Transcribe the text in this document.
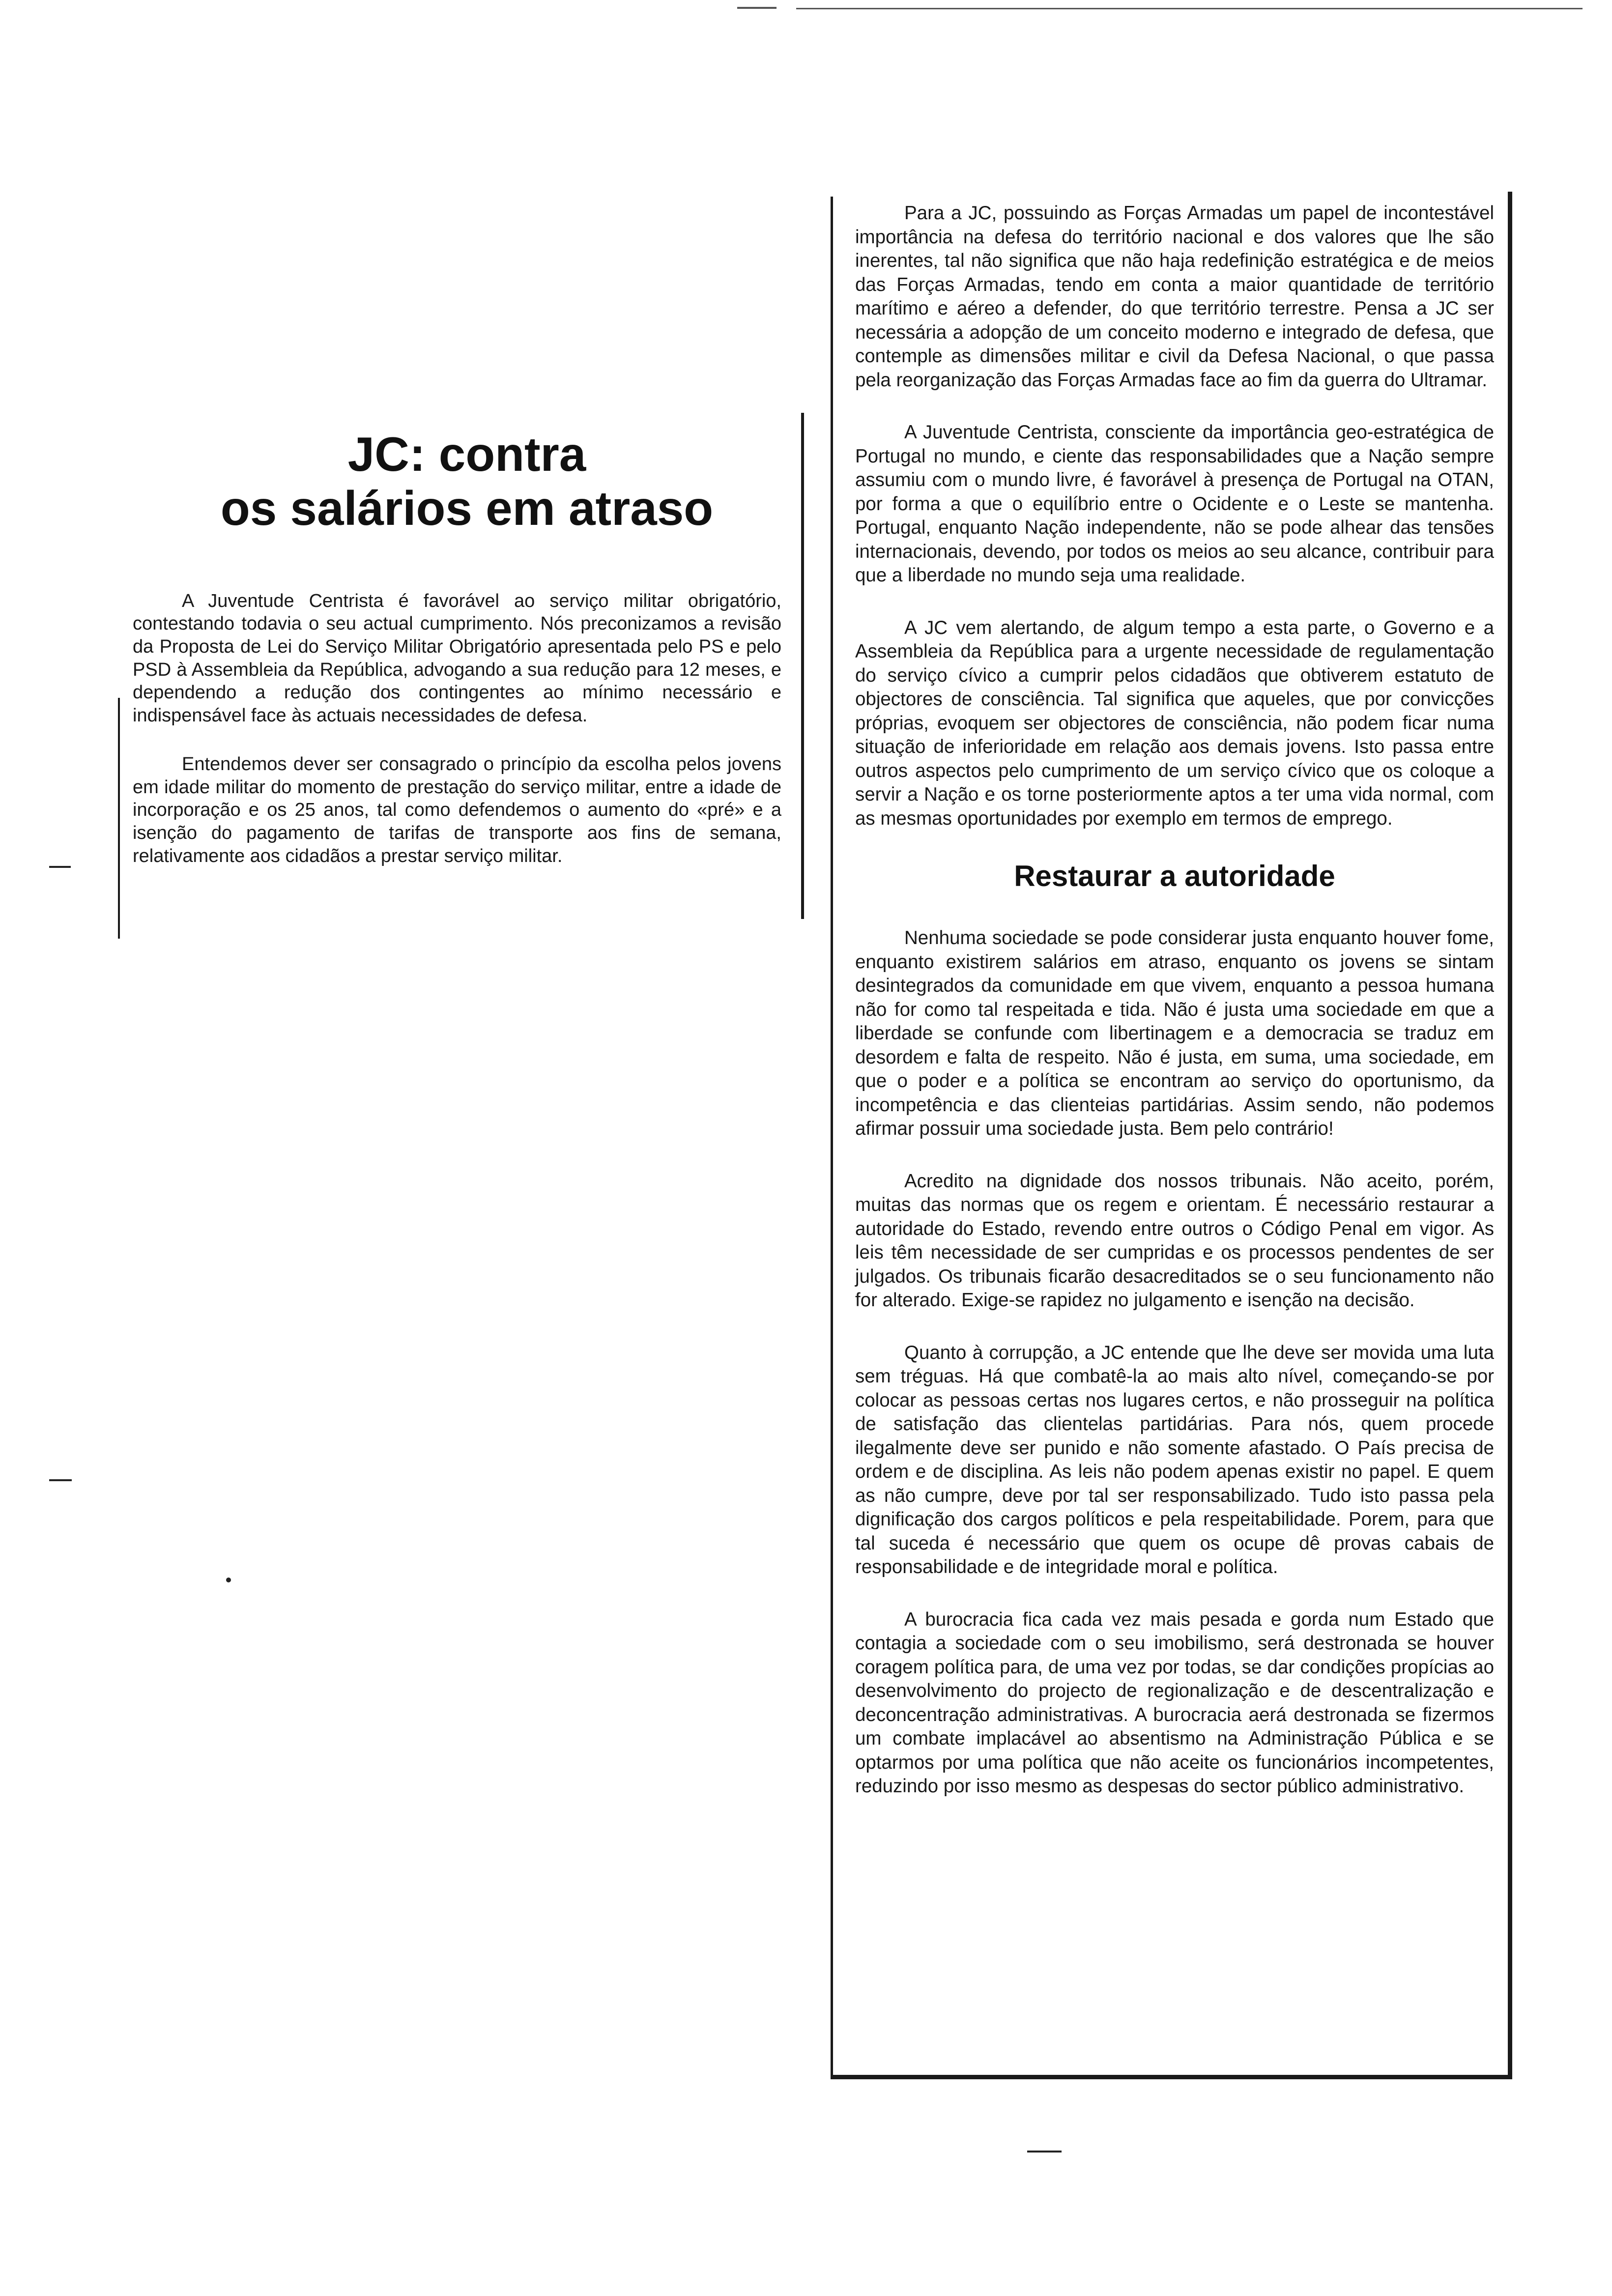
JC: contra
os salários em atraso

A Juventude Centrista é favorável ao serviço militar obrigatório, contestando todavia o seu actual cumprimento. Nós preconizamos a revisão da Proposta de Lei do Serviço Militar Obrigatório apresentada pelo PS e pelo PSD à Assembleia da República, advogando a sua redução para 12 meses, e dependendo a redução dos contingentes ao mínimo necessário e indispensável face às actuais necessidades de defesa.

Entendemos dever ser consagrado o princípio da escolha pelos jovens em idade militar do momento de prestação do serviço militar, entre a idade de incorporação e os 25 anos, tal como defendemos o aumento do «pré» e a isenção do pagamento de tarifas de transporte aos fins de semana, relativamente aos cidadãos a prestar serviço militar.

Para a JC, possuindo as Forças Armadas um papel de incontestável importância na defesa do território nacional e dos valores que lhe são inerentes, tal não significa que não haja redefinição estratégica e de meios das Forças Armadas, tendo em conta a maior quantidade de território marítimo e aéreo a defender, do que território terrestre. Pensa a JC ser necessária a adopção de um conceito moderno e integrado de defesa, que contemple as dimensões militar e civil da Defesa Nacional, o que passa pela reorganização das Forças Armadas face ao fim da guerra do Ultramar.

A Juventude Centrista, consciente da importância geo-estratégica de Portugal no mundo, e ciente das responsabilidades que a Nação sempre assumiu com o mundo livre, é favorável à presença de Portugal na OTAN, por forma a que o equilíbrio entre o Ocidente e o Leste se mantenha. Portugal, enquanto Nação independente, não se pode alhear das tensões internacionais, devendo, por todos os meios ao seu alcance, contribuir para que a liberdade no mundo seja uma realidade.

A JC vem alertando, de algum tempo a esta parte, o Governo e a Assembleia da República para a urgente necessidade de regulamentação do serviço cívico a cumprir pelos cidadãos que obtiverem estatuto de objectores de consciência. Tal significa que aqueles, que por convicções próprias, evoquem ser objectores de consciência, não podem ficar numa situação de inferioridade em relação aos demais jovens. Isto passa entre outros aspectos pelo cumprimento de um serviço cívico que os coloque a servir a Nação e os torne posteriormente aptos a ter uma vida normal, com as mesmas oportunidades por exemplo em termos de emprego.

Restaurar a autoridade

Nenhuma sociedade se pode considerar justa enquanto houver fome, enquanto existirem salários em atraso, enquanto os jovens se sintam desintegrados da comunidade em que vivem, enquanto a pessoa humana não for como tal respeitada e tida. Não é justa uma sociedade em que a liberdade se confunde com libertinagem e a democracia se traduz em desordem e falta de respeito. Não é justa, em suma, uma sociedade, em que o poder e a política se encontram ao serviço do oportunismo, da incompetência e das clienteias partidárias. Assim sendo, não podemos afirmar possuir uma sociedade justa. Bem pelo contrário!

Acredito na dignidade dos nossos tribunais. Não aceito, porém, muitas das normas que os regem e orientam. É necessário restaurar a autoridade do Estado, revendo entre outros o Código Penal em vigor. As leis têm necessidade de ser cumpridas e os processos pendentes de ser julgados. Os tribunais ficarão desacreditados se o seu funcionamento não for alterado. Exige-se rapidez no julgamento e isenção na decisão.

Quanto à corrupção, a JC entende que lhe deve ser movida uma luta sem tréguas. Há que combatê-la ao mais alto nível, começando-se por colocar as pessoas certas nos lugares certos, e não prosseguir na política de satisfação das clientelas partidárias. Para nós, quem procede ilegalmente deve ser punido e não somente afastado. O País precisa de ordem e de disciplina. As leis não podem apenas existir no papel. E quem as não cumpre, deve por tal ser responsabilizado. Tudo isto passa pela dignificação dos cargos políticos e pela respeitabilidade. Porem, para que tal suceda é necessário que quem os ocupe dê provas cabais de responsabilidade e de integridade moral e política.

A burocracia fica cada vez mais pesada e gorda num Estado que contagia a sociedade com o seu imobilismo, será destronada se houver coragem política para, de uma vez por todas, se dar condições propícias ao desenvolvimento do projecto de regionalização e de descentralização e deconcentração administrativas. A burocracia aerá destronada se fizermos um combate implacável ao absentismo na Administração Pública e se optarmos por uma política que não aceite os funcionários incompetentes, reduzindo por isso mesmo as despesas do sector público administrativo.
